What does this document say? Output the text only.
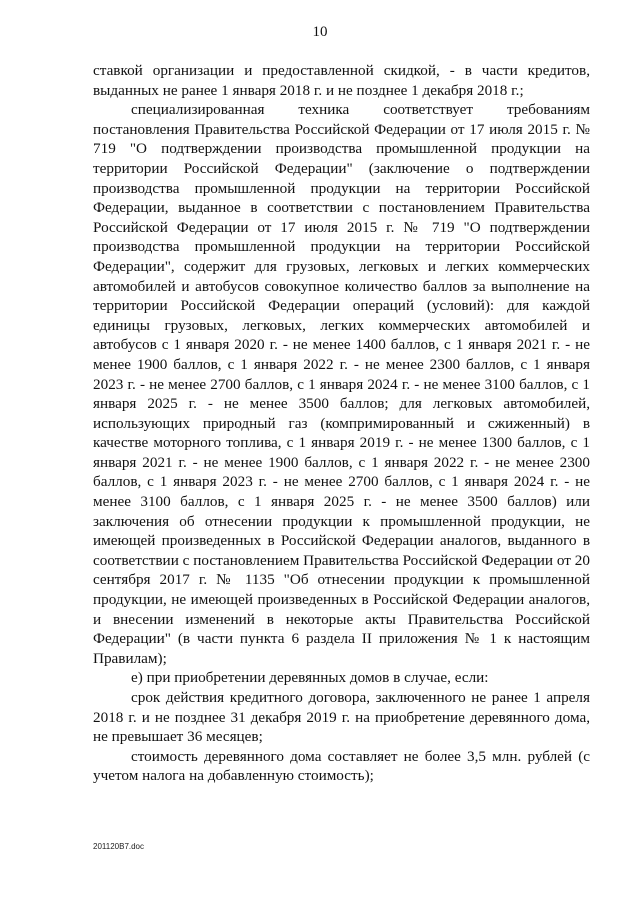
10

ставкой организации и предоставленной скидкой, - в части кредитов, выданных не ранее 1 января 2018 г. и не позднее 1 декабря 2018 г.;

специализированная техника соответствует требованиям постановления Правительства Российской Федерации от 17 июля 2015 г. № 719 "О подтверждении производства промышленной продукции на территории Российской Федерации" (заключение о подтверждении производства промышленной продукции на территории Российской Федерации, выданное в соответствии с постановлением Правительства Российской Федерации от 17 июля 2015 г. № 719 "О подтверждении производства промышленной продукции на территории Российской Федерации", содержит для грузовых, легковых и легких коммерческих автомобилей и автобусов совокупное количество баллов за выполнение на территории Российской Федерации операций (условий): для каждой единицы грузовых, легковых, легких коммерческих автомобилей и автобусов с 1 января 2020 г. - не менее 1400 баллов, с 1 января 2021 г. - не менее 1900 баллов, с 1 января 2022 г. - не менее 2300 баллов, с 1 января 2023 г. - не менее 2700 баллов, с 1 января 2024 г. - не менее 3100 баллов, с 1 января 2025 г. - не менее 3500 баллов; для легковых автомобилей, использующих природный газ (компримированный и сжиженный) в качестве моторного топлива, с 1 января 2019 г. - не менее 1300 баллов, с 1 января 2021 г. - не менее 1900 баллов, с 1 января 2022 г. - не менее 2300 баллов, с 1 января 2023 г. - не менее 2700 баллов, с 1 января 2024 г. - не менее 3100 баллов, с 1 января 2025 г. - не менее 3500 баллов) или заключения об отнесении продукции к промышленной продукции, не имеющей произведенных в Российской Федерации аналогов, выданного в соответствии с постановлением Правительства Российской Федерации от 20 сентября 2017 г. № 1135 "Об отнесении продукции к промышленной продукции, не имеющей произведенных в Российской Федерации аналогов, и внесении изменений в некоторые акты Правительства Российской Федерации" (в части пункта 6 раздела II приложения № 1 к настоящим Правилам);

е) при приобретении деревянных домов в случае, если:

срок действия кредитного договора, заключенного не ранее 1 апреля 2018 г. и не позднее 31 декабря 2019 г. на приобретение деревянного дома, не превышает 36 месяцев;

стоимость деревянного дома составляет не более 3,5 млн. рублей (с учетом налога на добавленную стоимость);

201120B7.doc
